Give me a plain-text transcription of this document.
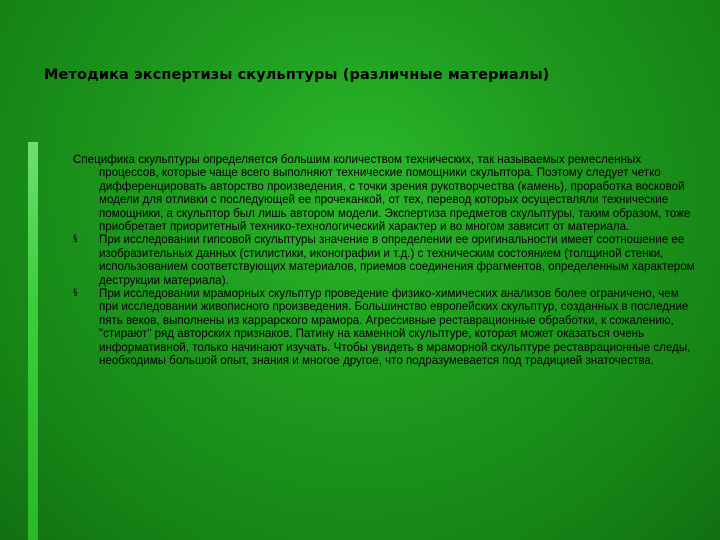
Методика экспертизы скульптуры (различные материалы)

Специфика скульптуры определяется большим количеством технических, так называемых ремесленных процессов, которые чаще всего выполняют технические помощники скульптора. Поэтому следует четко дифференцировать авторство произведения, с точки зрения рукотворчества (камень), проработка восковой модели для отливки с последующей ее прочеканкой, от тех, перевод которых осуществляли технические помощники, а скульптор был лишь автором модели. Экспертиза предметов скульптуры, таким образом, тоже приобретает приоритетный технико-технологический характер и во многом зависит от материала.

§	При исследовании гипсовой скульптуры значение в определении ее оригинальности имеет соотношение ее изобразительных данных (стилистики, иконографии и т.д.) с техническим состоянием (толщиной стенки, использованием соответствующих материалов, приемов соединения фрагментов, определенным характером деструкции материала).

§	При исследовании мраморных скульптур проведение физико-химических анализов более ограничено, чем при исследовании живописного произведения. Большинство европейских скульптур, созданных в последние пять веков, выполнены из каррарского мрамора. Агрессивные реставрационные обработки, к сожалению, "стирают" ряд авторских признаков. Патину на каменной скульптуре, которая может оказаться очень информативной, только начинают изучать. Чтобы увидеть в мраморной скульптуре реставрационные следы, необходимы большой опыт, знания и многое другое, что подразумевается под традицией знаточества.
